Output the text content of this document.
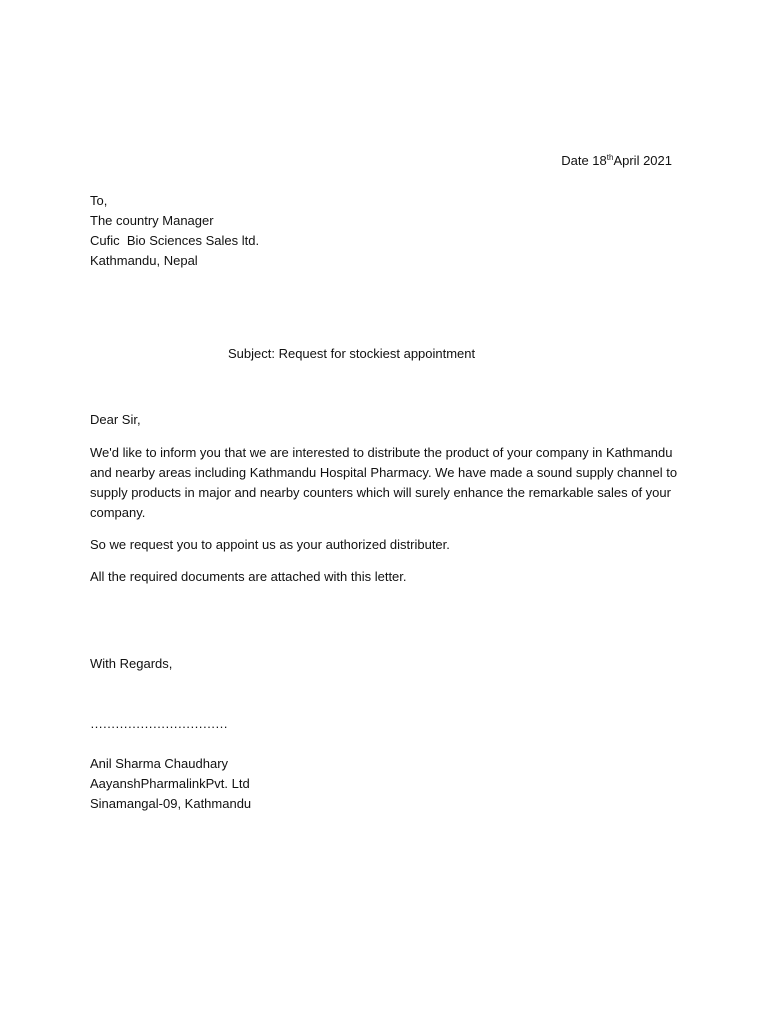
Date 18thApril 2021

To,

The country Manager

Cufic  Bio Sciences Sales ltd.

Kathmandu, Nepal

Subject: Request for stockiest appointment

Dear Sir,

We'd like to inform you that we are interested to distribute the product of your company in Kathmandu and nearby areas including Kathmandu Hospital Pharmacy. We have made a sound supply channel to supply products in major and nearby counters which will surely enhance the remarkable sales of your company.

So we request you to appoint us as your authorized distributer.

All the required documents are attached with this letter.

With Regards,

……………………………

Anil Sharma Chaudhary

AayanshPharmalinkPvt. Ltd

Sinamangal-09, Kathmandu
